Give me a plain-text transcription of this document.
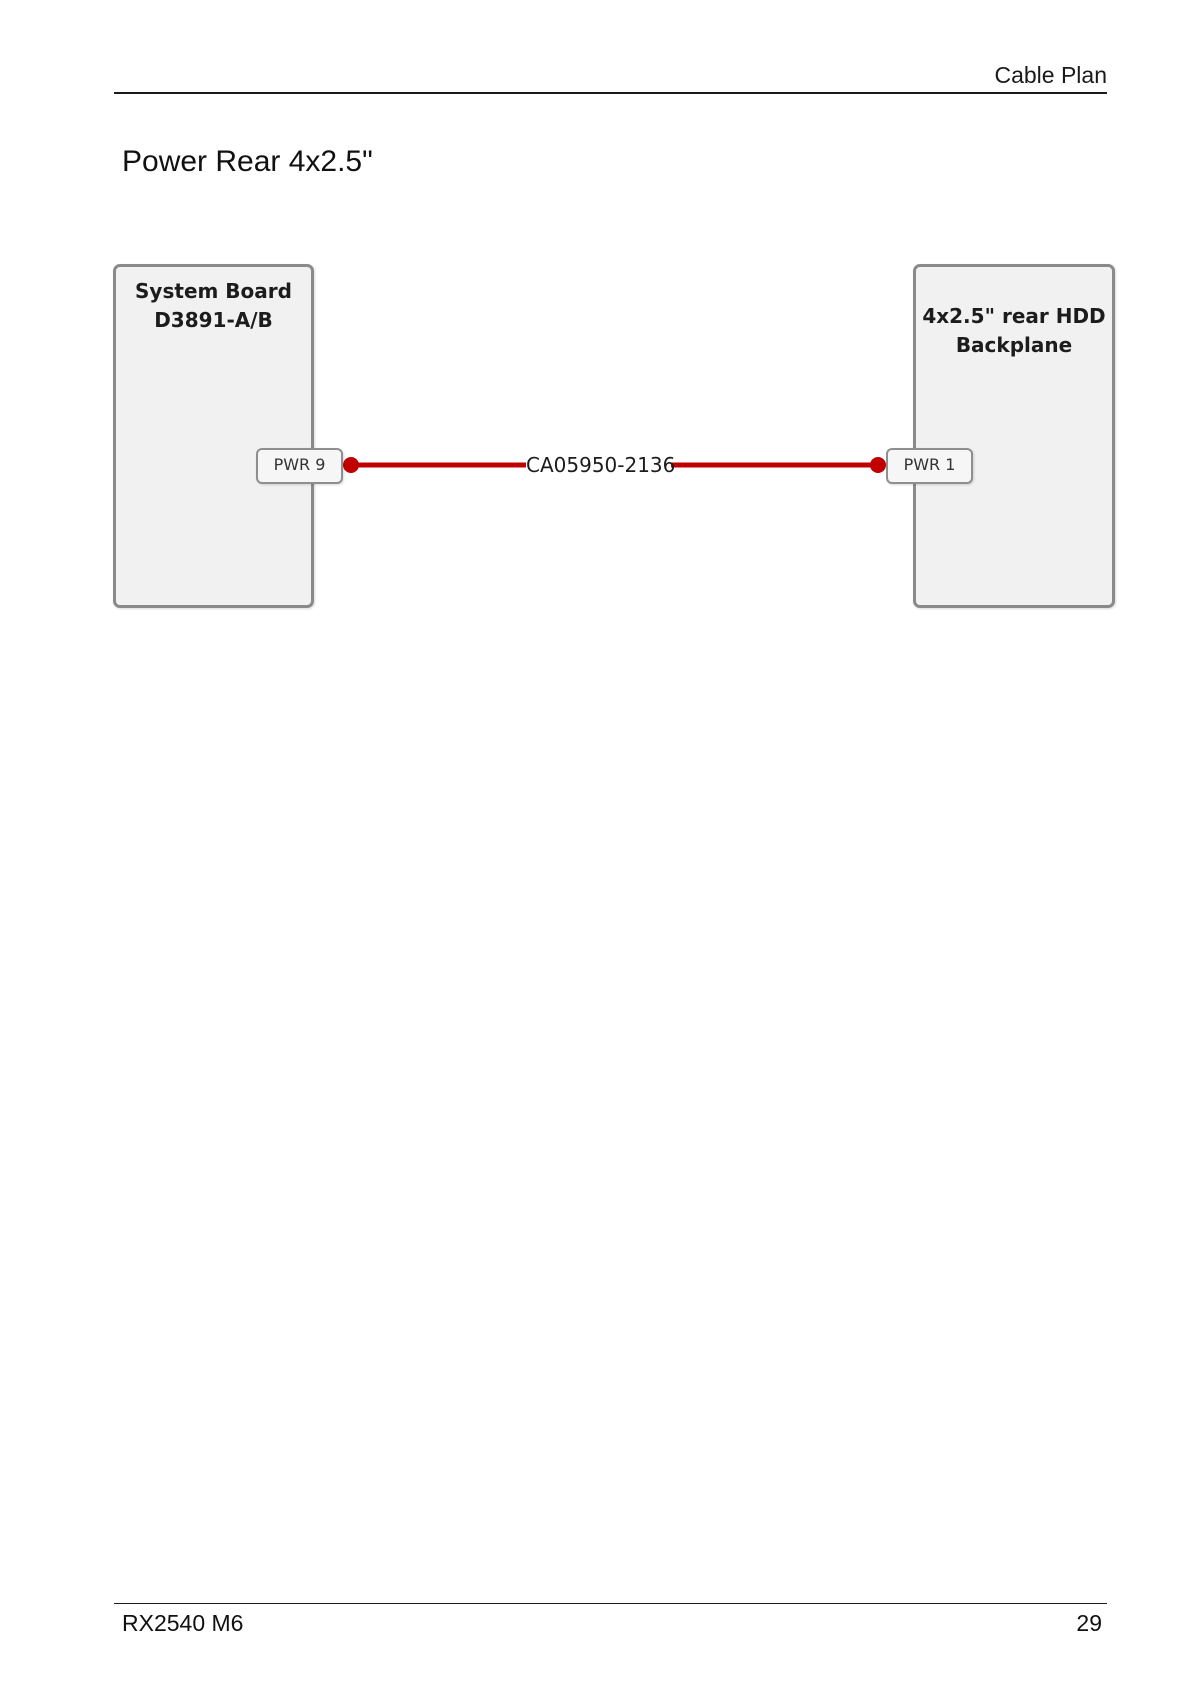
Cable Plan
Power Rear 4x2.5"
System Board
D3891-A/B	4x2.5" rear HDD
Backplane
PWR 9	PWR 1
CA05950-2136
RX2540 M6	29
